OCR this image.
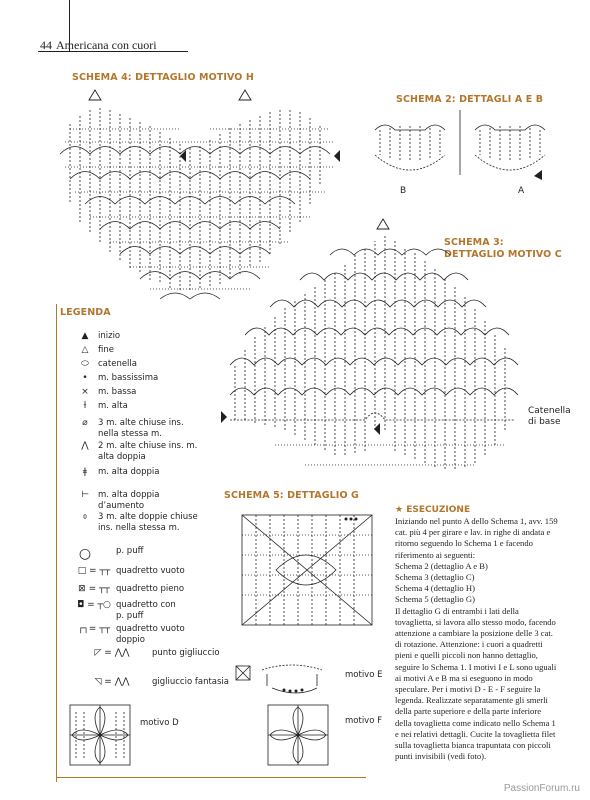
44 Americana con cuori
SCHEMA 4: DETTAGLIO MOTIVO H
SCHEMA 2: DETTAGLI A E B
B	A
SCHEMA 3:
DETTAGLIO MOTIVO C
Catenella
di base
SCHEMA 5: DETTAGLIO G
LEGENDA
▲	inizio
△	fine
⬭	catenella
•	m. bassissima
×	m. bassa
ƚ	m. alta
⌀	3 m. alte chiuse ins. nella stessa m.
⋀	2 m. alte chiuse ins. m. alta doppia
ǂ	m. alta doppia
⊢	m. alta doppia d’aumento
⌽	3 m. alte doppie chiuse ins. nella stessa m.
○	p. puff
□ = ┬┬ quadretto vuoto
⊠ = ┬┬ quadretto pieno
◘ = ┬○ quadretto con p. puff
┌┐= ┬┬ quadretto vuoto doppio
◸ = ⋀⋀	punto gigliuccio
◹ = ⋀⋀	gigliuccio fantasia
motivo E
motivo F
motivo D
★ ESECUZIONE

Iniziando nel punto A dello Schema 1, avv. 159 cat. più 4 per girare e lav. in righe di andata e ritorno seguendo lo Schema 1 e facendo riferimento ai seguenti:

Schema 2 (dettaglio A e B)

Schema 3 (dettaglio C)

Schema 4 (dettaglio H)

Schema 5 (dettaglio G)

Il dettaglio G di entrambi i lati della tovaglietta, si lavora allo stesso modo, facendo attenzione a cambiare la posizione delle 3 cat. di rotazione. Attenzione: i cuori a quadretti pieni e quelli piccoli non hanno dettaglio, seguire lo Schema 1. I motivi I e L sono uguali ai motivi A e B ma si eseguono in modo speculare. Per i motivi D - E - F seguire la legenda. Realizzate separatamente gli smerli della parte superiore e della parte inferiore della tovaglietta come indicato nello Schema 1 e nei relativi dettagli. Cucite la tovaglietta filet sulla tovaglietta bianca trapuntata con piccoli punti invisibili (vedi foto).

PassionForum.ru
